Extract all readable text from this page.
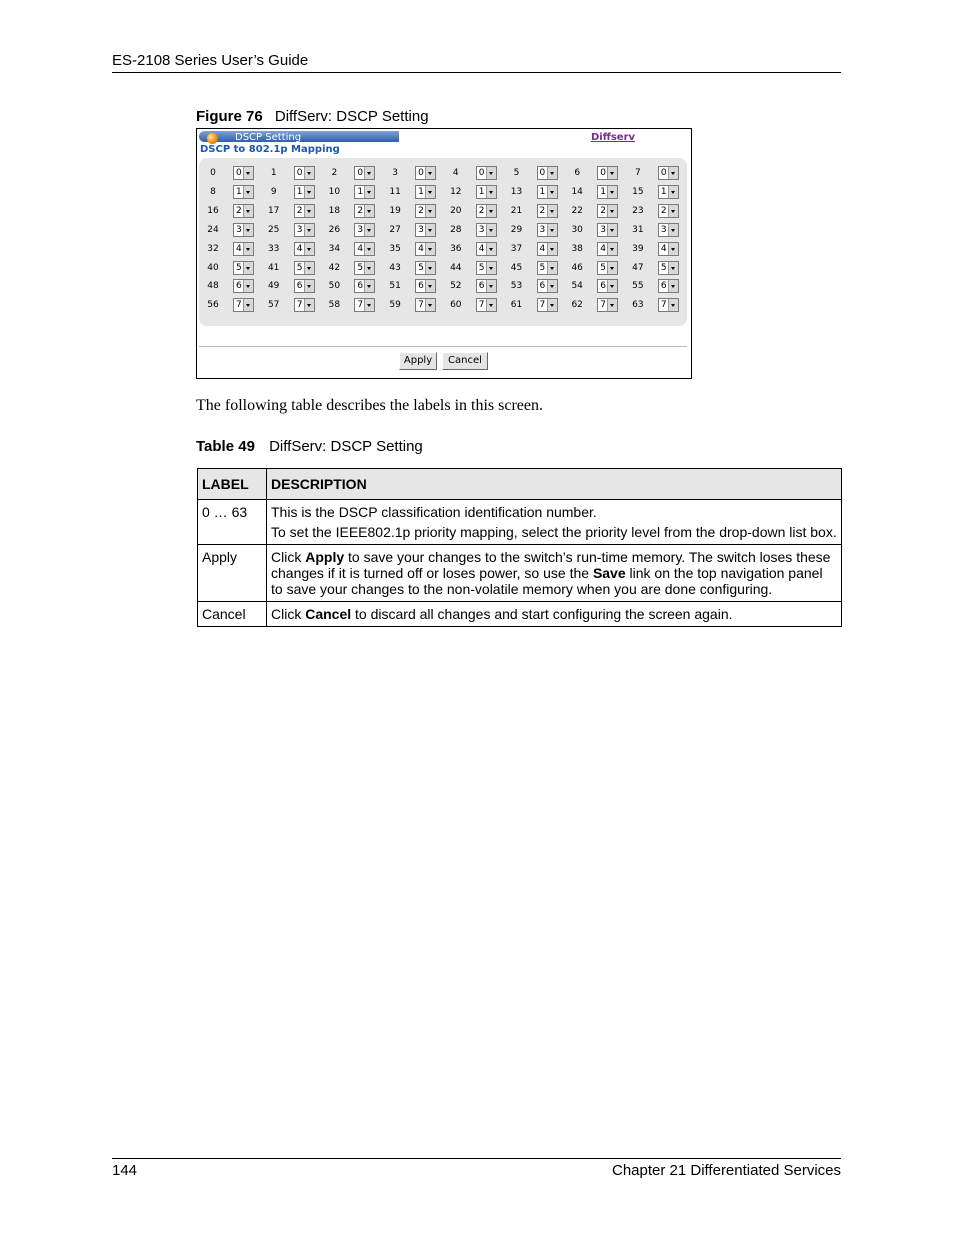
ES-2108 Series User’s Guide
Figure 76 DiffServ: DSCP Setting
DSCP Setting
DSCP to 802.1p Mapping
Diffserv
0	0	1	0	2	0	3	0	4	0	5	0	6	0	7	0
8	1	9	1	10	1	11	1	12	1	13	1	14	1	15	1
16	2	17	2	18	2	19	2	20	2	21	2	22	2	23	2
24	3	25	3	26	3	27	3	28	3	29	3	30	3	31	3
32	4	33	4	34	4	35	4	36	4	37	4	38	4	39	4
40	5	41	5	42	5	43	5	44	5	45	5	46	5	47	5
48	6	49	6	50	6	51	6	52	6	53	6	54	6	55	6
56	7	57	7	58	7	59	7	60	7	61	7	62	7	63	7
Apply	Cancel
The following table describes the labels in this screen.
Table 49 DiffServ: DSCP Setting
LABEL	DESCRIPTION
0 … 63	This is the DSCP classification identification number.

To set the IEEE802.1p priority mapping, select the priority level from the drop-down list box.

Apply	Click Apply to save your changes to the switch’s run-time memory. The switch loses these changes if it is turned off or loses power, so use the Save link on the top navigation panel to save your changes to the non-volatile memory when you are done configuring.
Cancel	Click Cancel to discard all changes and start configuring the screen again.
144	Chapter 21 Differentiated Services
